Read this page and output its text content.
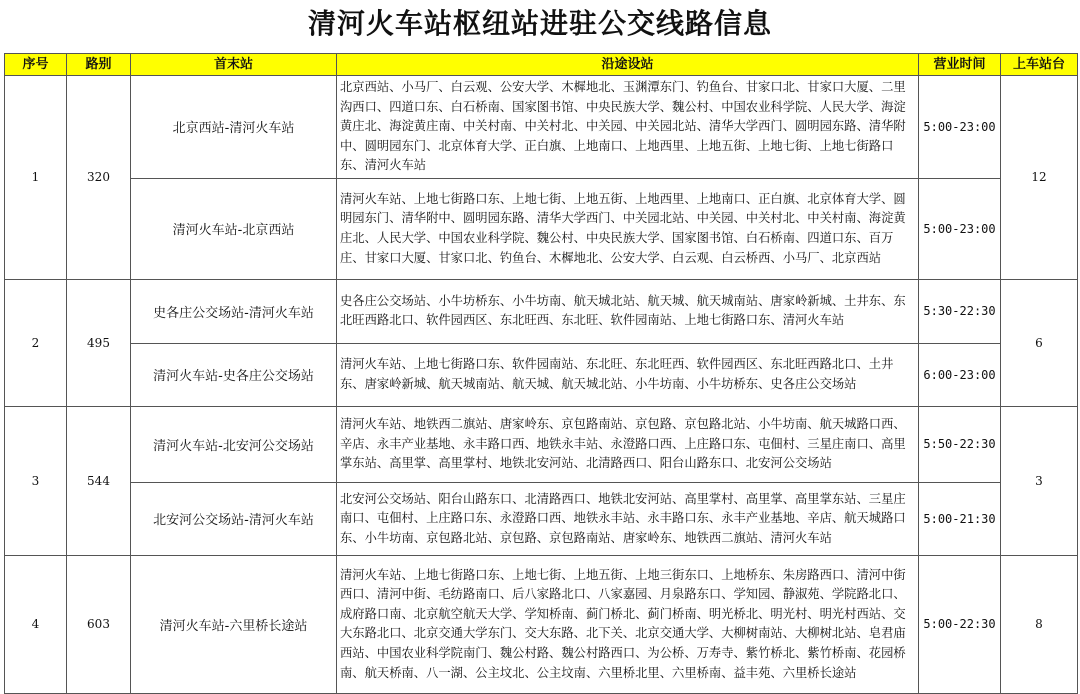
清河火车站枢纽站进驻公交线路信息
序号	路别	首末站	沿途设站	营业时间	上车站台
1	320	北京西站-清河火车站	北京西站、小马厂、白云观、公安大学、木樨地北、玉渊潭东门、钓鱼台、甘家口北、甘家口大厦、二里沟西口、四道口东、白石桥南、国家图书馆、中央民族大学、魏公村、中国农业科学院、人民大学、海淀黄庄北、海淀黄庄南、中关村南、中关村北、中关园、中关园北站、清华大学西门、圆明园东路、清华附中、圆明园东门、北京体育大学、正白旗、上地南口、上地西里、上地五街、上地七街、上地七街路口东、清河火车站	5:00-23:00	12
		清河火车站-北京西站	清河火车站、上地七街路口东、上地七街、上地五街、上地西里、上地南口、正白旗、北京体育大学、圆明园东门、清华附中、圆明园东路、清华大学西门、中关园北站、中关园、中关村北、中关村南、海淀黄庄北、人民大学、中国农业科学院、魏公村、中央民族大学、国家图书馆、白石桥南、四道口东、百万庄、甘家口大厦、甘家口北、钓鱼台、木樨地北、公安大学、白云观、白云桥西、小马厂、北京西站	5:00-23:00	
2	495	史各庄公交场站-清河火车站	史各庄公交场站、小牛坊桥东、小牛坊南、航天城北站、航天城、航天城南站、唐家岭新城、土井东、东北旺西路北口、软件园西区、东北旺西、东北旺、软件园南站、上地七街路口东、清河火车站	5:30-22:30	6
		清河火车站-史各庄公交场站	清河火车站、上地七街路口东、软件园南站、东北旺、东北旺西、软件园西区、东北旺西路北口、土井东、唐家岭新城、航天城南站、航天城、航天城北站、小牛坊南、小牛坊桥东、史各庄公交场站	6:00-23:00	
3	544	清河火车站-北安河公交场站	清河火车站、地铁西二旗站、唐家岭东、京包路南站、京包路、京包路北站、小牛坊南、航天城路口西、辛店、永丰产业基地、永丰路口西、地铁永丰站、永澄路口西、上庄路口东、屯佃村、三星庄南口、高里掌东站、高里掌、高里掌村、地铁北安河站、北清路西口、阳台山路东口、北安河公交场站	5:50-22:30	3
		北安河公交场站-清河火车站	北安河公交场站、阳台山路东口、北清路西口、地铁北安河站、高里掌村、高里掌、高里掌东站、三星庄南口、屯佃村、上庄路口东、永澄路口西、地铁永丰站、永丰路口东、永丰产业基地、辛店、航天城路口东、小牛坊南、京包路北站、京包路、京包路南站、唐家岭东、地铁西二旗站、清河火车站	5:00-21:30	
4	603	清河火车站-六里桥长途站	清河火车站、上地七街路口东、上地七街、上地五街、上地三街东口、上地桥东、朱房路西口、清河中街西口、清河中街、毛纺路南口、后八家路北口、八家嘉园、月泉路东口、学知园、静淑苑、学院路北口、成府路口南、北京航空航天大学、学知桥南、蓟门桥北、蓟门桥南、明光桥北、明光村、明光村西站、交大东路北口、北京交通大学东门、交大东路、北下关、北京交通大学、大柳树南站、大柳树北站、皂君庙西站、中国农业科学院南门、魏公村路、魏公村路西口、为公桥、万寿寺、紫竹桥北、紫竹桥南、花园桥南、航天桥南、八一湖、公主坟北、公主坟南、六里桥北里、六里桥南、益丰苑、六里桥长途站	5:00-22:30	8
